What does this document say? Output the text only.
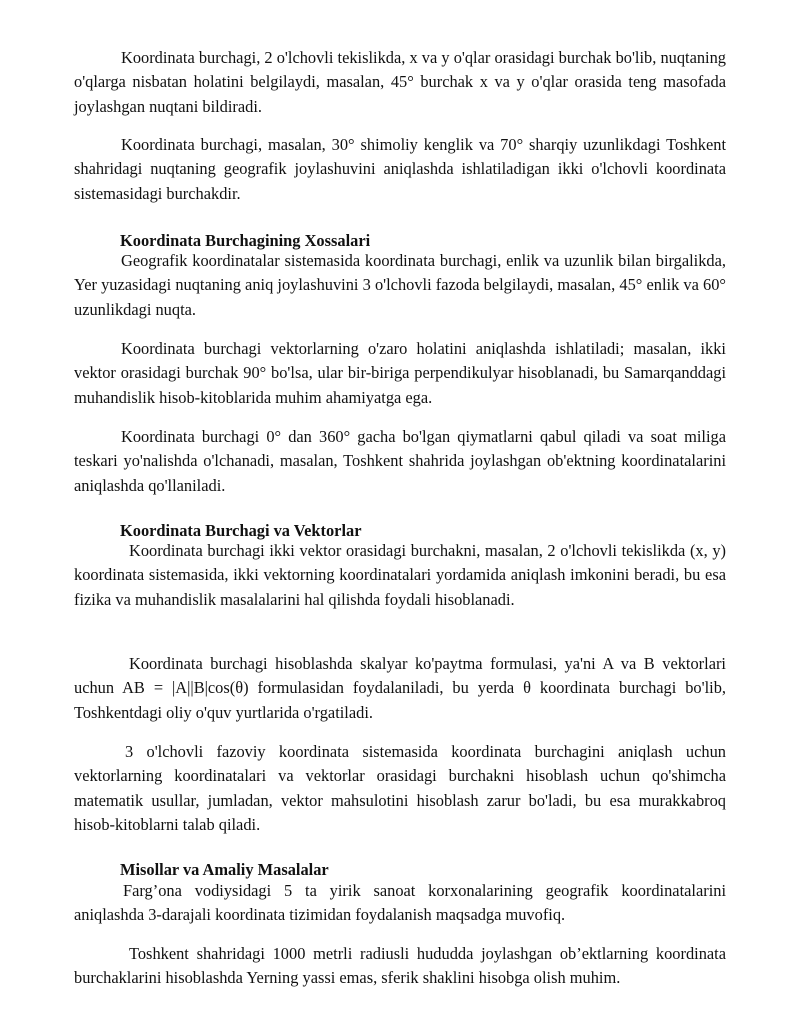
Koordinata burchagi, 2 o'lchovli tekislikda, x va y o'qlar orasidagi burchak bo'lib, nuqtaning o'qlarga nisbatan holatini belgilaydi, masalan, 45° burchak x va y o'qlar orasida teng masofada joylashgan nuqtani bildiradi.

Koordinata burchagi, masalan, 30° shimoliy kenglik va 70° sharqiy uzunlikdagi Toshkent shahridagi nuqtaning geografik joylashuvini aniqlashda ishlatiladigan ikki o'lchovli koordinata sistemasidagi burchakdir.

Koordinata Burchagining Xossalari

Geografik koordinatalar sistemasida koordinata burchagi, enlik va uzunlik bilan birgalikda, Yer yuzasidagi nuqtaning aniq joylashuvini 3 o'lchovli fazoda belgilaydi, masalan, 45° enlik va 60° uzunlikdagi nuqta.

Koordinata burchagi vektorlarning o'zaro holatini aniqlashda ishlatiladi; masalan, ikki vektor orasidagi burchak 90° bo'lsa, ular bir-biriga perpendikulyar hisoblanadi, bu Samarqanddagi muhandislik hisob-kitoblarida muhim ahamiyatga ega.

Koordinata burchagi 0° dan 360° gacha bo'lgan qiymatlarni qabul qiladi va soat miliga teskari yo'nalishda o'lchanadi, masalan, Toshkent shahrida joylashgan ob'ektning koordinatalarini aniqlashda qo'llaniladi.

Koordinata Burchagi va Vektorlar

Koordinata burchagi ikki vektor orasidagi burchakni, masalan, 2 o'lchovli tekislikda (x, y) koordinata sistemasida, ikki vektorning koordinatalari yordamida aniqlash imkonini beradi, bu esa fizika va muhandislik masalalarini hal qilishda foydali hisoblanadi.

Koordinata burchagi hisoblashda skalyar ko'paytma formulasi, ya'ni A va B vektorlari uchun AB = |A||B|cos(θ) formulasidan foydalaniladi, bu yerda θ koordinata burchagi bo'lib, Toshkentdagi oliy o'quv yurtlarida o'rgatiladi.

3 o'lchovli fazoviy koordinata sistemasida koordinata burchagini aniqlash uchun vektorlarning koordinatalari va vektorlar orasidagi burchakni hisoblash uchun qo'shimcha matematik usullar, jumladan, vektor mahsulotini hisoblash zarur bo'ladi, bu esa murakkabroq hisob-kitoblarni talab qiladi.

Misollar va Amaliy Masalalar

Farg’ona vodiysidagi 5 ta yirik sanoat korxonalarining geografik koordinatalarini aniqlashda 3-darajali koordinata tizimidan foydalanish maqsadga muvofiq.

Toshkent shahridagi 1000 metrli radiusli hududda joylashgan ob’ektlarning koordinata burchaklarini hisoblashda Yerning yassi emas, sferik shaklini hisobga olish muhim.
